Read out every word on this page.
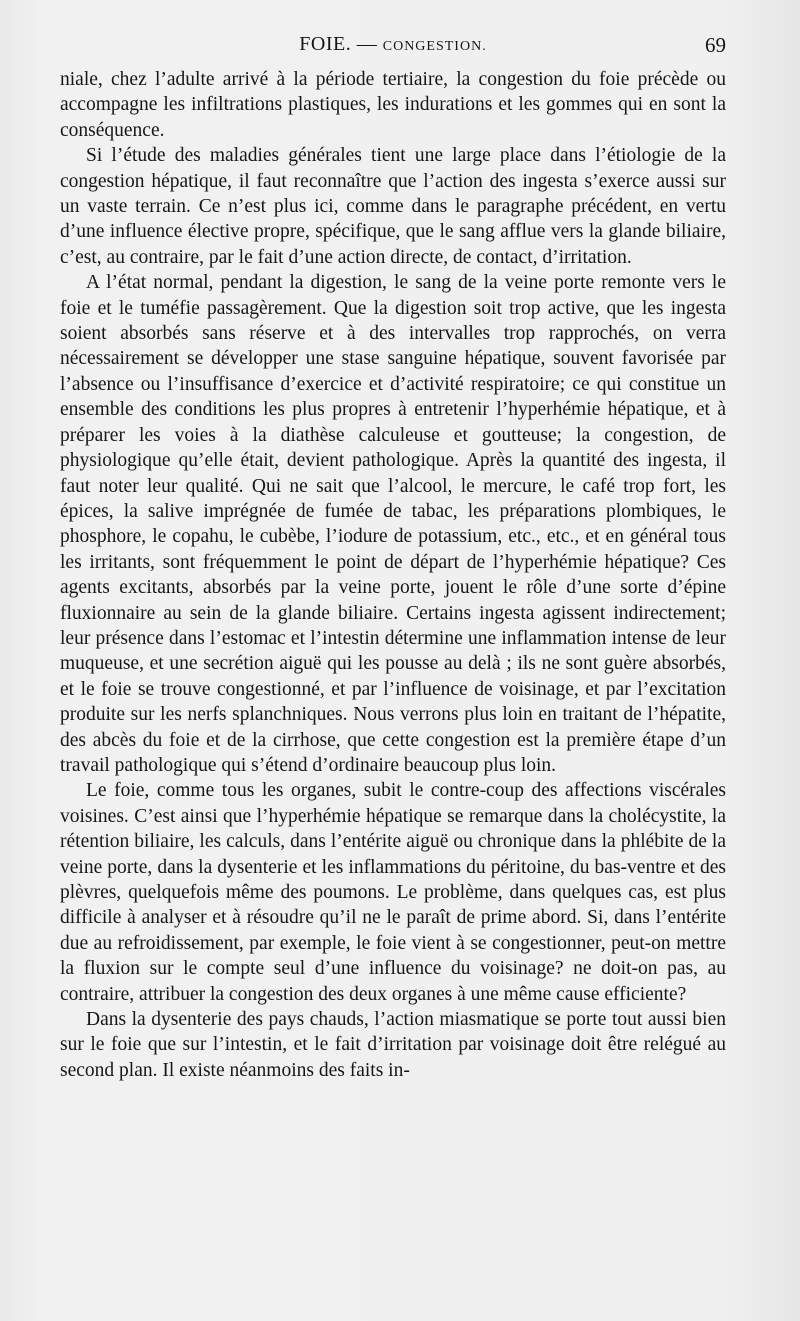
FOIE. — CONGESTION.	69

niale, chez l’adulte arrivé à la période tertiaire, la congestion du foie précède ou accompagne les infiltrations plastiques, les indurations et les gommes qui en sont la conséquence.

Si l’étude des maladies générales tient une large place dans l’étiologie de la congestion hépatique, il faut reconnaître que l’action des ingesta s’exerce aussi sur un vaste terrain. Ce n’est plus ici, comme dans le paragraphe précédent, en vertu d’une influence élective propre, spécifique, que le sang afflue vers la glande biliaire, c’est, au contraire, par le fait d’une action directe, de contact, d’irritation.

A l’état normal, pendant la digestion, le sang de la veine porte remonte vers le foie et le tuméfie passagèrement. Que la digestion soit trop active, que les ingesta soient absorbés sans réserve et à des intervalles trop rapprochés, on verra nécessairement se développer une stase sanguine hépatique, souvent favorisée par l’absence ou l’insuffisance d’exercice et d’activité respiratoire; ce qui constitue un ensemble des conditions les plus propres à entretenir l’hyperhémie hépatique, et à préparer les voies à la diathèse calculeuse et goutteuse; la congestion, de physiologique qu’elle était, devient pathologique. Après la quantité des ingesta, il faut noter leur qualité. Qui ne sait que l’alcool, le mercure, le café trop fort, les épices, la salive imprégnée de fumée de tabac, les préparations plombiques, le phosphore, le copahu, le cubèbe, l’iodure de potassium, etc., etc., et en général tous les irritants, sont fréquemment le point de départ de l’hyperhémie hépatique? Ces agents excitants, absorbés par la veine porte, jouent le rôle d’une sorte d’épine fluxionnaire au sein de la glande biliaire. Certains ingesta agissent indirectement; leur présence dans l’estomac et l’intestin détermine une inflammation intense de leur muqueuse, et une secrétion aiguë qui les pousse au delà ; ils ne sont guère absorbés, et le foie se trouve congestionné, et par l’influence de voisinage, et par l’excitation produite sur les nerfs splanchniques. Nous verrons plus loin en traitant de l’hépatite, des abcès du foie et de la cirrhose, que cette congestion est la première étape d’un travail pathologique qui s’étend d’ordinaire beaucoup plus loin.

Le foie, comme tous les organes, subit le contre-coup des affections viscérales voisines. C’est ainsi que l’hyperhémie hépatique se remarque dans la cholécystite, la rétention biliaire, les calculs, dans l’entérite aiguë ou chronique dans la phlébite de la veine porte, dans la dysenterie et les inflammations du péritoine, du bas-ventre et des plèvres, quelquefois même des poumons. Le problème, dans quelques cas, est plus difficile à analyser et à résoudre qu’il ne le paraît de prime abord. Si, dans l’entérite due au refroidissement, par exemple, le foie vient à se congestionner, peut-on mettre la fluxion sur le compte seul d’une influence du voisinage? ne doit-on pas, au contraire, attribuer la congestion des deux organes à une même cause efficiente?

Dans la dysenterie des pays chauds, l’action miasmatique se porte tout aussi bien sur le foie que sur l’intestin, et le fait d’irritation par voisinage doit être relégué au second plan. Il existe néanmoins des faits in-
